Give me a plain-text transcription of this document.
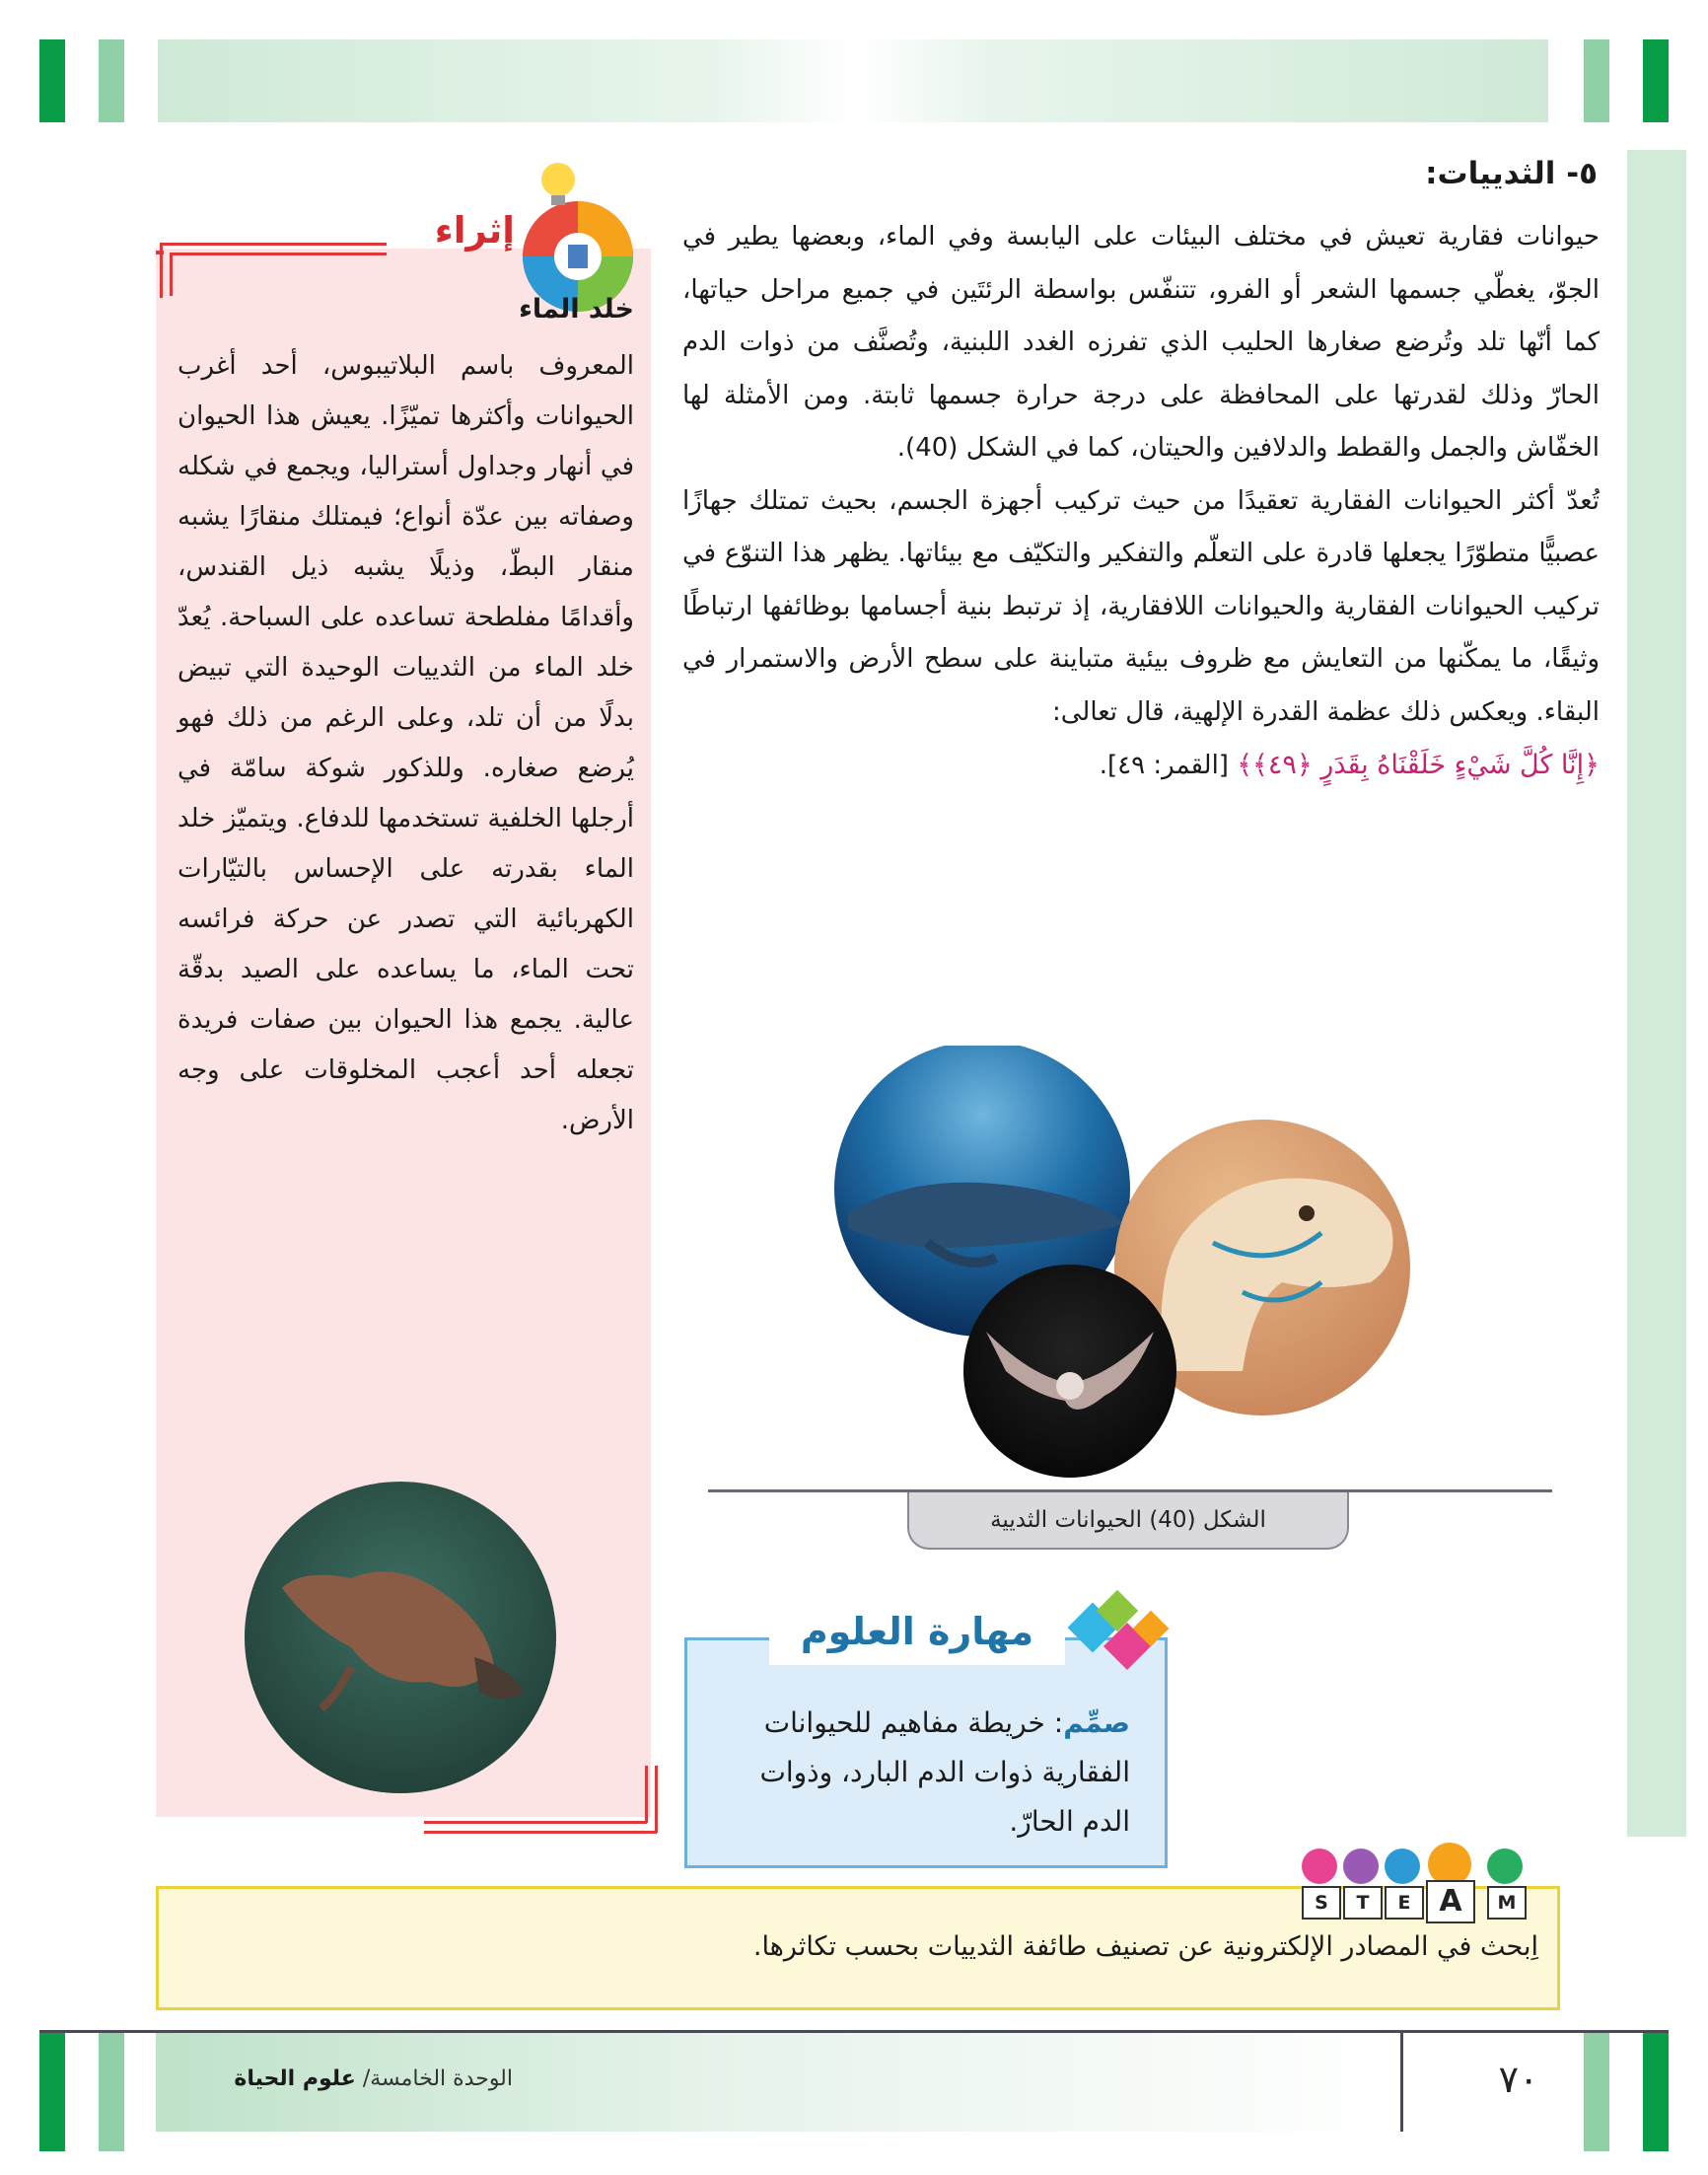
٥- الثدييات:

حيوانات فقارية تعيش في مختلف البيئات على اليابسة وفي الماء، وبعضها يطير في الجوّ، يغطّي جسمها الشعر أو الفرو، تتنفّس بواسطة الرئتَين في جميع مراحل حياتها، كما أنّها تلد وتُرضع صغارها الحليب الذي تفرزه الغدد اللبنية، وتُصنَّف من ذوات الدم الحارّ وذلك لقدرتها على المحافظة على درجة حرارة جسمها ثابتة. ومن الأمثلة لها الخفّاش والجمل والقطط والدلافين والحيتان، كما في الشكل (40).

تُعدّ أكثر الحيوانات الفقارية تعقيدًا من حيث تركيب أجهزة الجسم، بحيث تمتلك جهازًا عصبيًّا متطوّرًا يجعلها قادرة على التعلّم والتفكير والتكيّف مع بيئاتها. يظهر هذا التنوّع في تركيب الحيوانات الفقارية والحيوانات اللافقارية، إذ ترتبط بنية أجسامها بوظائفها ارتباطًا وثيقًا، ما يمكّنها من التعايش مع ظروف بيئية متباينة على سطح الأرض والاستمرار في البقاء. ويعكس ذلك عظمة القدرة الإلهية، قال تعالى:

﴿إِنَّا كُلَّ شَيْءٍ خَلَقْنَاهُ بِقَدَرٍ ﴿٤٩﴾﴾ [القمر: ٤٩].

الشكل (40) الحيوانات الثديية
إثراء
خلد الماء

المعروف باسم البلاتيبوس، أحد أغرب الحيوانات وأكثرها تميّزًا. يعيش هذا الحيوان في أنهار وجداول أستراليا، ويجمع في شكله وصفاته بين عدّة أنواع؛ فيمتلك منقارًا يشبه منقار البطّ، وذيلًا يشبه ذيل القندس، وأقدامًا مفلطحة تساعده على السباحة. يُعدّ خلد الماء من الثدييات الوحيدة التي تبيض بدلًا من أن تلد، وعلى الرغم من ذلك فهو يُرضع صغاره. وللذكور شوكة سامّة في أرجلها الخلفية تستخدمها للدفاع. ويتميّز خلد الماء بقدرته على الإحساس بالتيّارات الكهربائية التي تصدر عن حركة فرائسه تحت الماء، ما يساعده على الصيد بدقّة عالية. يجمع هذا الحيوان بين صفات فريدة تجعله أحد أعجب المخلوقات على وجه الأرض.

مهارة العلوم
صمِّم: خريطة مفاهيم للحيوانات الفقارية ذوات الدم البارد، وذوات الدم الحارّ.
S	T	E A	M
اِبحث في المصادر الإلكترونية عن تصنيف طائفة الثدييات بحسب تكاثرها.
الوحدة الخامسة/ علوم الحياة	٧٠
